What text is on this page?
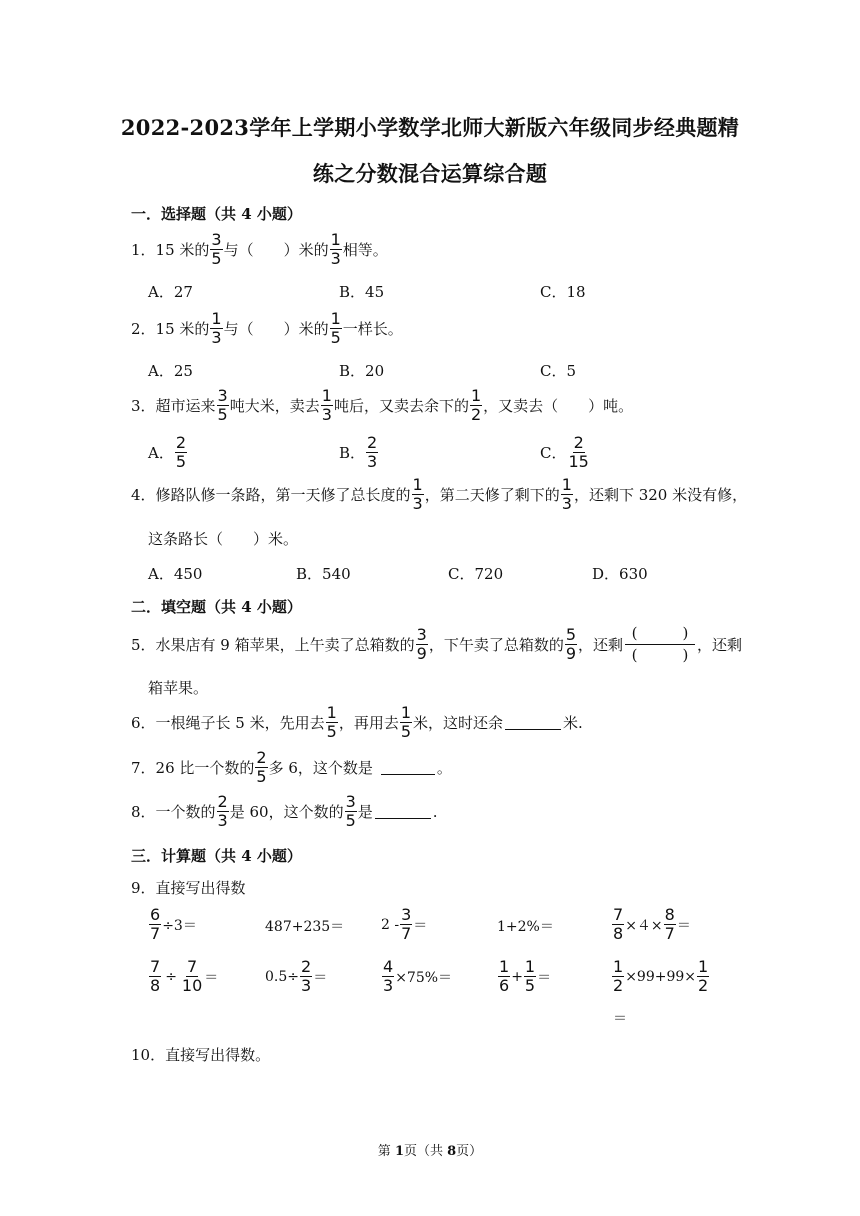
2022-2023学年上学期小学数学北师大新版六年级同步经典题精
练之分数混合运算综合题
一．选择题（共 4 小题）
1．15 米的 $\frac{3}{5}$ 与（　　）米的 $\frac{1}{3}$ 相等。
A．27	B．45	C．18
2．15 米的 $\frac{1}{3}$ 与（　　）米的 $\frac{1}{5}$ 一样长。
A．25	B．20	C．5
3．超市运来 $\frac{3}{5}$ 吨大米，卖去 $\frac{1}{3}$ 吨后，又卖去余下的 $\frac{1}{2}$ ，又卖去（　　）吨。
A． $\frac{2}{5}$	B． $\frac{2}{3}$	C． $\frac{2}{15}$
4．修路队修一条路，第一天修了总长度的 $\frac{1}{3}$ ，第二天修了剩下的 $\frac{1}{3}$ ，还剩下 320 米没有修，
这条路长（　　）米。
A．450	B．540	C．720	D．630
二．填空题（共 4 小题）
5．水果店有 9 箱苹果，上午卖了总箱数的 $\frac{3}{9}$ ，下午卖了总箱数的 $\frac{5}{9}$ ，还剩 $\frac{( )}{( )}$ ，还剩
箱苹果。
6．一根绳子长 5 米，先用去 $\frac{1}{5}$ ，再用去 $\frac{1}{5}$ 米，这时还余	米.
7．26 比一个数的 $\frac{2}{5}$ 多 6，这个数是	。
8．一个数的 $\frac{2}{3}$ 是 60，这个数的 $\frac{3}{5}$ 是	.
三．计算题（共 4 小题）
9．直接写出得数
$\frac{6}{7} \div 3=$	487+235＝	$2 - \frac{3}{7}$ ＝	1+2%＝	$\frac{7}{8} \times 4\times \frac{8}{7}$ ＝
$\frac{7}{8} \div \frac{7}{10}$ ＝	$0.5\div \frac{2}{3}$ ＝	$\frac{4}{3} \times 75\%=$	$\frac{1}{6} + \frac{1}{5}$ ＝	$\frac{1}{2} \times 99+99\times \frac{1}{2}$
＝
10．直接写出得数。
第 1页（共 8页）
